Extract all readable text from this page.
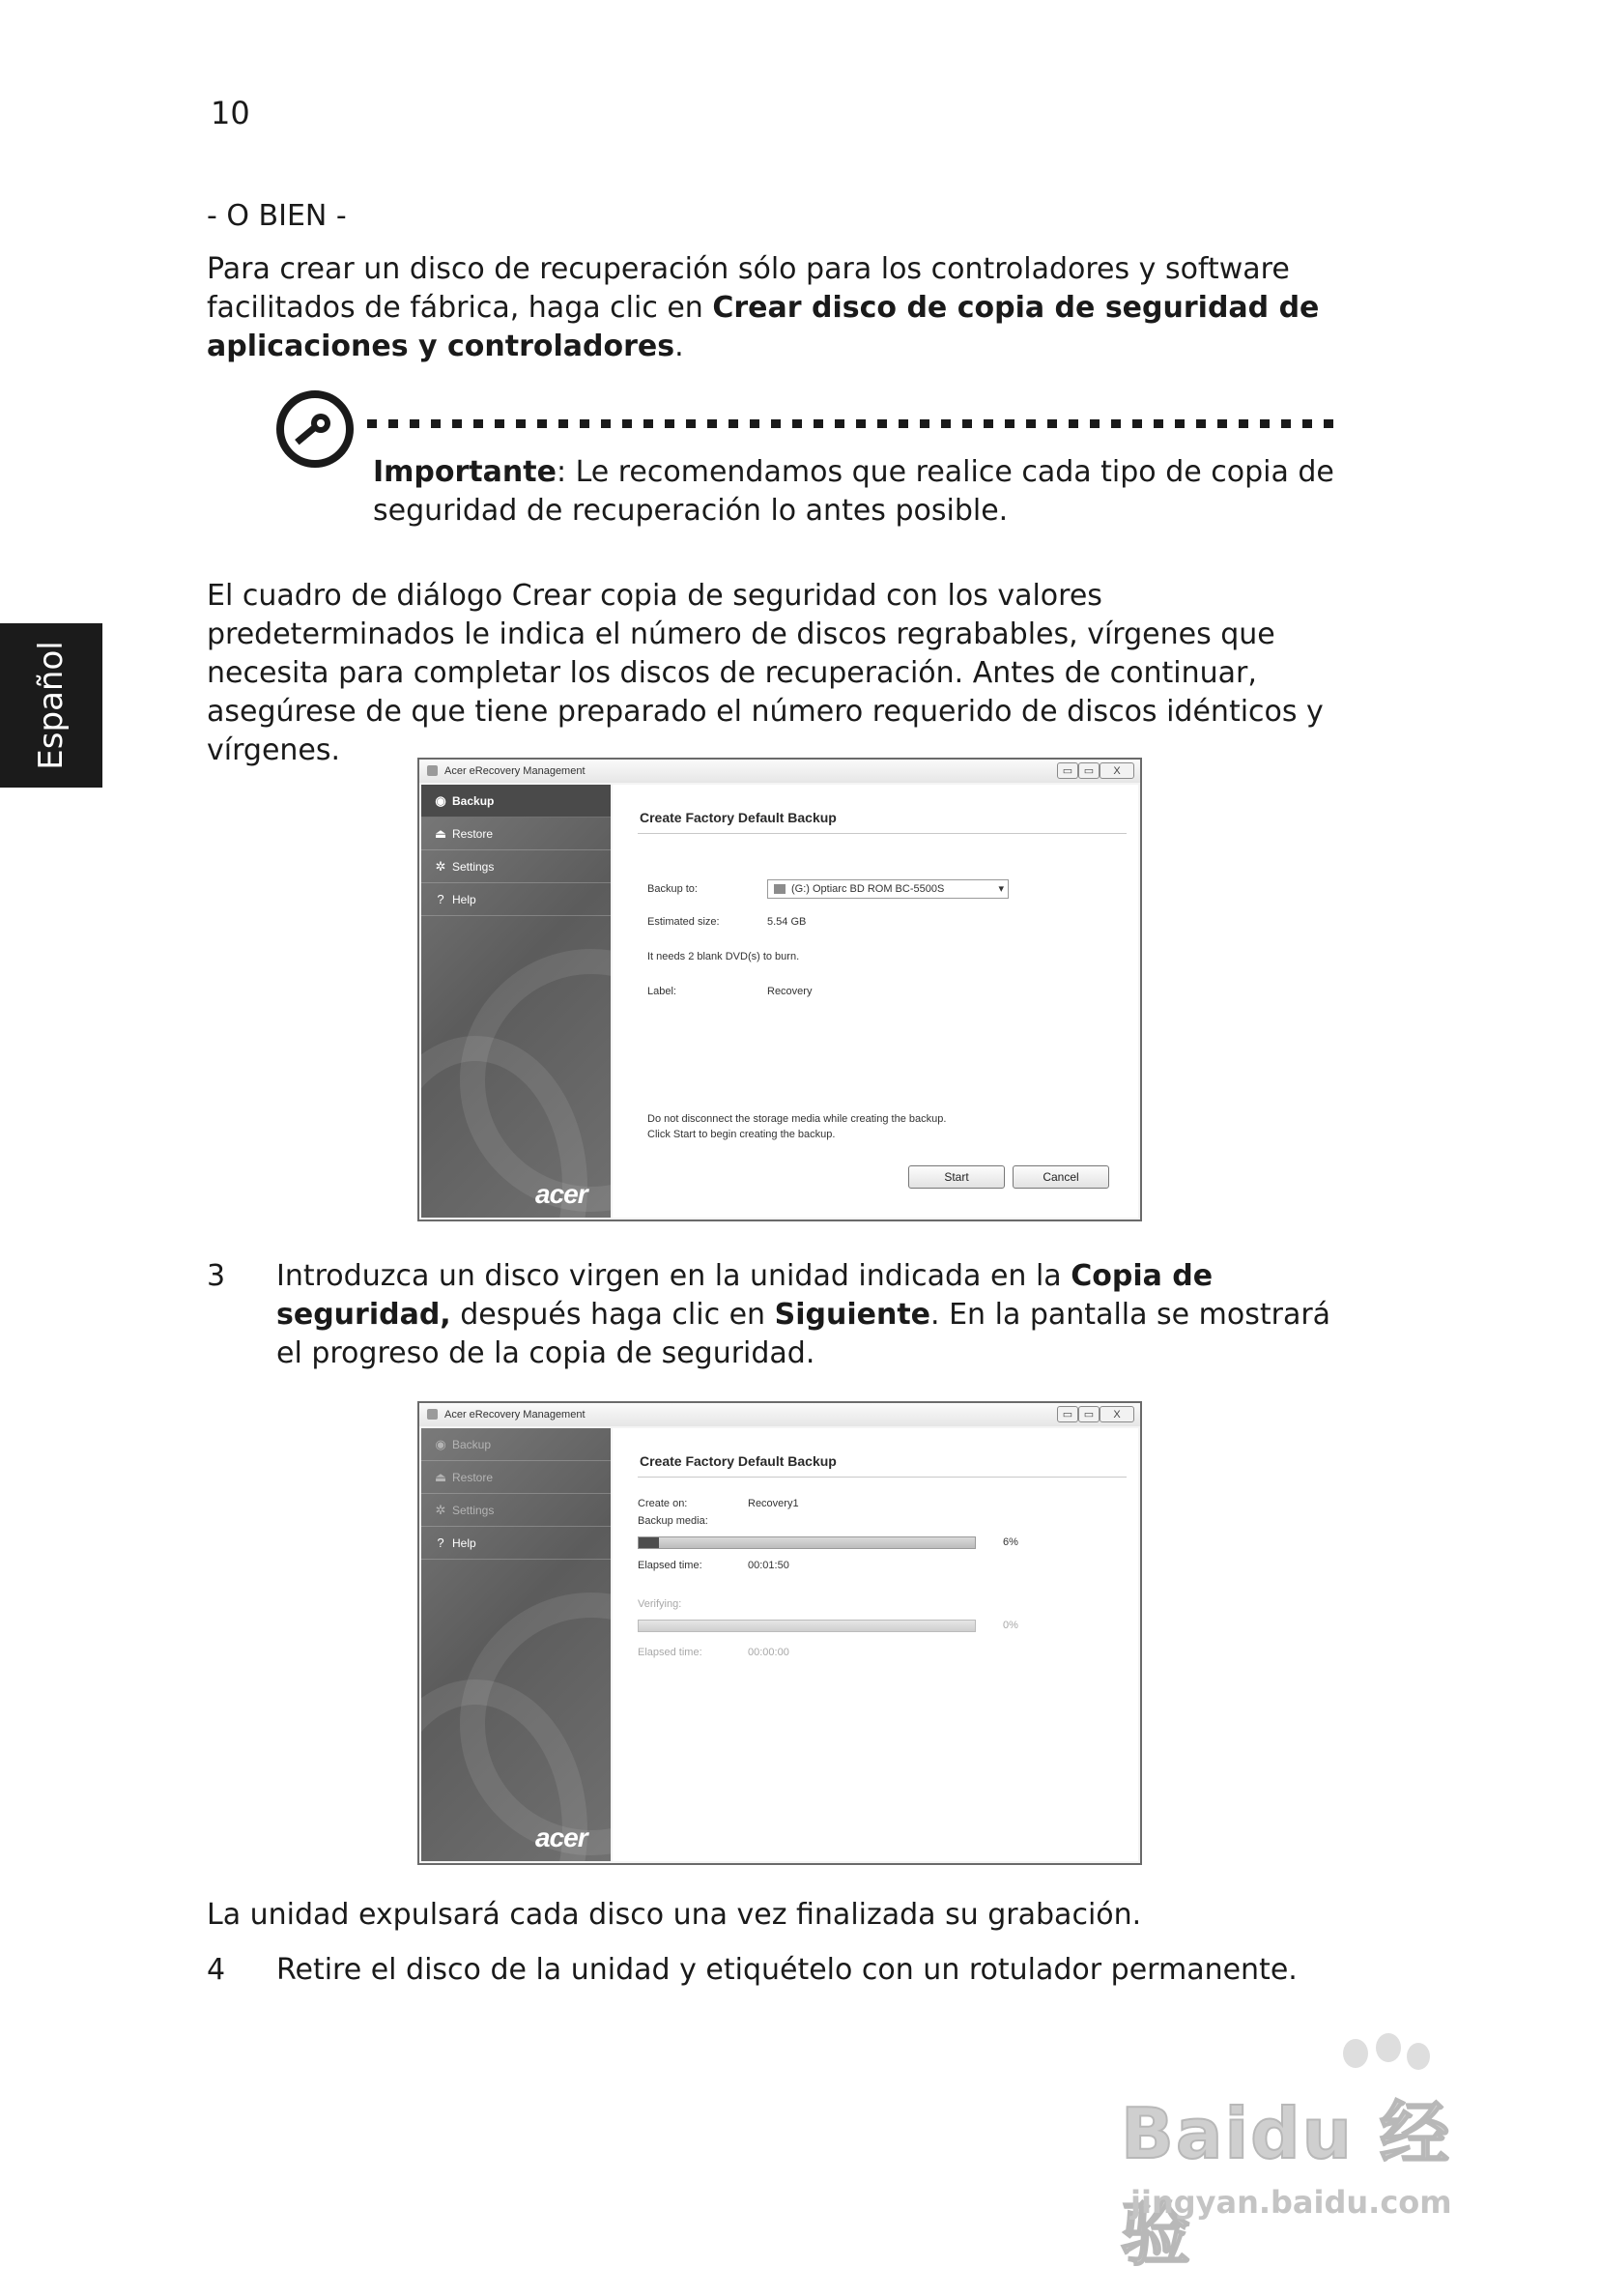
10
Español
- O BIEN -
Para crear un disco de recuperación sólo para los controladores y software facilitados de fábrica, haga clic en Crear disco de copia de seguridad de aplicaciones y controladores.
Importante: Le recomendamos que realice cada tipo de copia de seguridad de recuperación lo antes posible.
El cuadro de diálogo Crear copia de seguridad con los valores predeterminados le indica el número de discos regrabables, vírgenes que necesita para completar los discos de recuperación. Antes de continuar, asegúrese de que tiene preparado el número requerido de discos idénticos y vírgenes.
Acer eRecovery Management	▭	▭	X
◉ Backup
⏏ Restore
✲ Settings
? Help
acer
Create Factory Default Backup
Backup to:	(G:) Optiarc BD ROM BC-5500S	▾
Estimated size:	5.54 GB
It needs 2 blank DVD(s) to burn.
Label:	Recovery
Do not disconnect the storage media while creating the backup.
Click Start to begin creating the backup.
Start	Cancel
3 Introduzca un disco virgen en la unidad indicada en la Copia de seguridad, después haga clic en Siguiente. En la pantalla se mostrará el progreso de la copia de seguridad.
Acer eRecovery Management	▭	▭	X
◉ Backup
⏏ Restore
✲ Settings
? Help
acer
Create Factory Default Backup
Create on:	Recovery1
Backup media:
6%
Elapsed time:	00:01:50
Verifying:
0%
Elapsed time:	00:00:00
La unidad expulsará cada disco una vez finalizada su grabación.
4 Retire el disco de la unidad y etiquételo con un rotulador permanente.
Baidu 经验
jingyan.baidu.com
